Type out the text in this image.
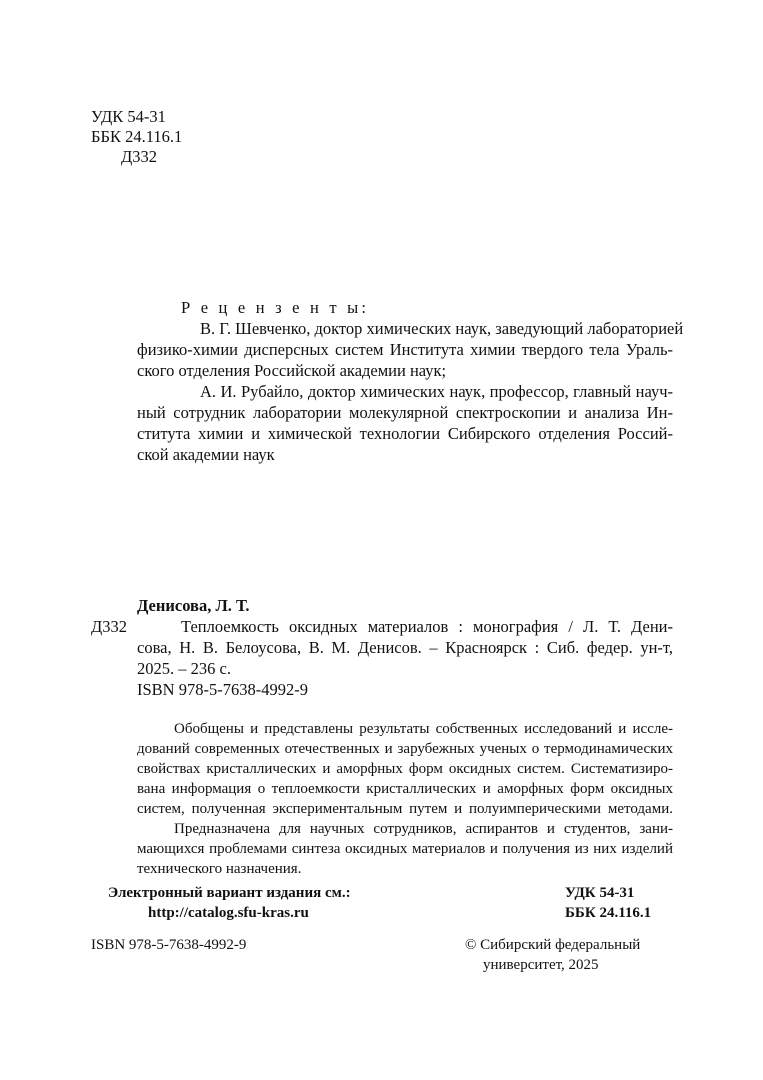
УДК 54-31
ББК 24.116.1
Д332
Р е ц е н з е н т ы:
В. Г. Шевченко, доктор химических наук, заведующий лабораторией
физико-химии дисперсных систем Института химии твердого тела Ураль-
ского отделения Российской академии наук;
А. И. Рубайло, доктор химических наук, профессор, главный науч-
ный сотрудник лаборатории молекулярной спектроскопии и анализа Ин-
ститута химии и химической технологии Сибирского отделения Россий-
ской академии наук
Денисова, Л. Т.
Д332	Теплоемкость оксидных материалов : монография / Л. Т. Дени-
сова, Н. В. Белоусова, В. М. Денисов. – Красноярск : Сиб. федер. ун-т,
2025. – 236 с.
ISBN 978-5-7638-4992-9
Обобщены и представлены результаты собственных исследований и иссле-
дований современных отечественных и зарубежных ученых о термодинамических
свойствах кристаллических и аморфных форм оксидных систем. Систематизиро-
вана информация о теплоемкости кристаллических и аморфных форм оксидных
систем, полученная экспериментальным путем и полуимперическими методами.
Предназначена для научных сотрудников, аспирантов и студентов, зани-
мающихся проблемами синтеза оксидных материалов и получения из них изделий
технического назначения.
Электронный вариант издания см.:
http://catalog.sfu-kras.ru
УДК 54-31
ББК 24.116.1
ISBN 978-5-7638-4992-9	© Сибирский федеральный
университет, 2025
